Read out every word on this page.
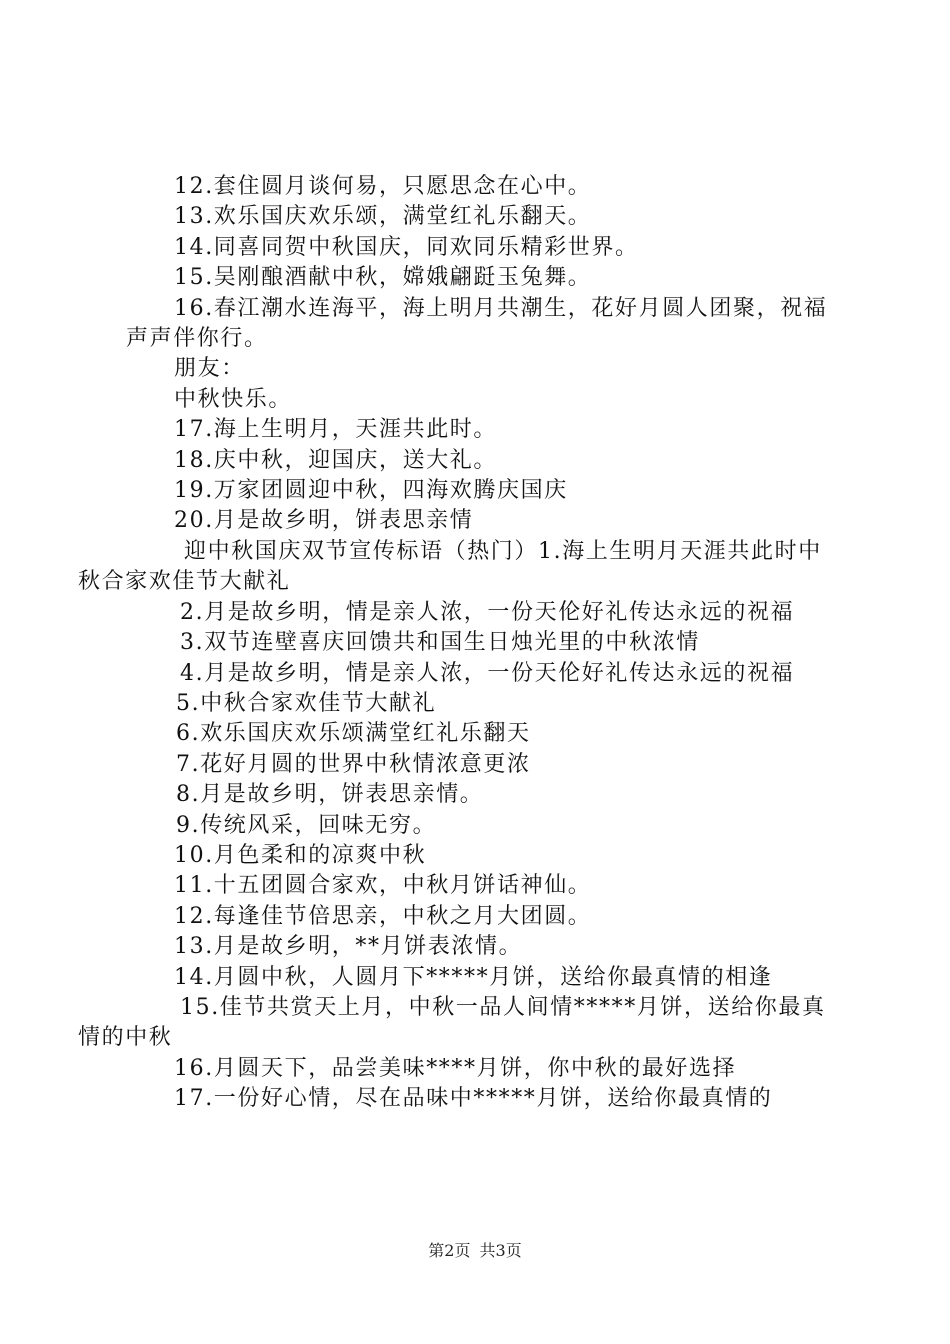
12.套住圆月谈何易，只愿思念在心中。

13.欢乐国庆欢乐颂，满堂红礼乐翻天。

14.同喜同贺中秋国庆，同欢同乐精彩世界。

15.吴刚酿酒献中秋，嫦娥翩跹玉兔舞。

16.春江潮水连海平，海上明月共潮生，花好月圆人团聚，祝福声声伴你行。

朋友：

中秋快乐。

17.海上生明月，天涯共此时。

18.庆中秋，迎国庆，送大礼。

19.万家团圆迎中秋，四海欢腾庆国庆

20.月是故乡明，饼表思亲情

迎中秋国庆双节宣传标语（热门）1.海上生明月天涯共此时中秋合家欢佳节大献礼

2.月是故乡明，情是亲人浓，一份天伦好礼传达永远的祝福

3.双节连壁喜庆回馈共和国生日烛光里的中秋浓情

4.月是故乡明，情是亲人浓，一份天伦好礼传达永远的祝福

5.中秋合家欢佳节大献礼

6.欢乐国庆欢乐颂满堂红礼乐翻天

7.花好月圆的世界中秋情浓意更浓

8.月是故乡明，饼表思亲情。

9.传统风采，回味无穷。

10.月色柔和的凉爽中秋

11.十五团圆合家欢，中秋月饼话神仙。

12.每逢佳节倍思亲，中秋之月大团圆。

13.月是故乡明，**月饼表浓情。

14.月圆中秋，人圆月下*****月饼，送给你最真情的相逢

15.佳节共赏天上月，中秋一品人间情*****月饼，送给你最真情的中秋

16.月圆天下，品尝美味****月饼，你中秋的最好选择

17.一份好心情，尽在品味中*****月饼，送给你最真情的

第2页 共3页
